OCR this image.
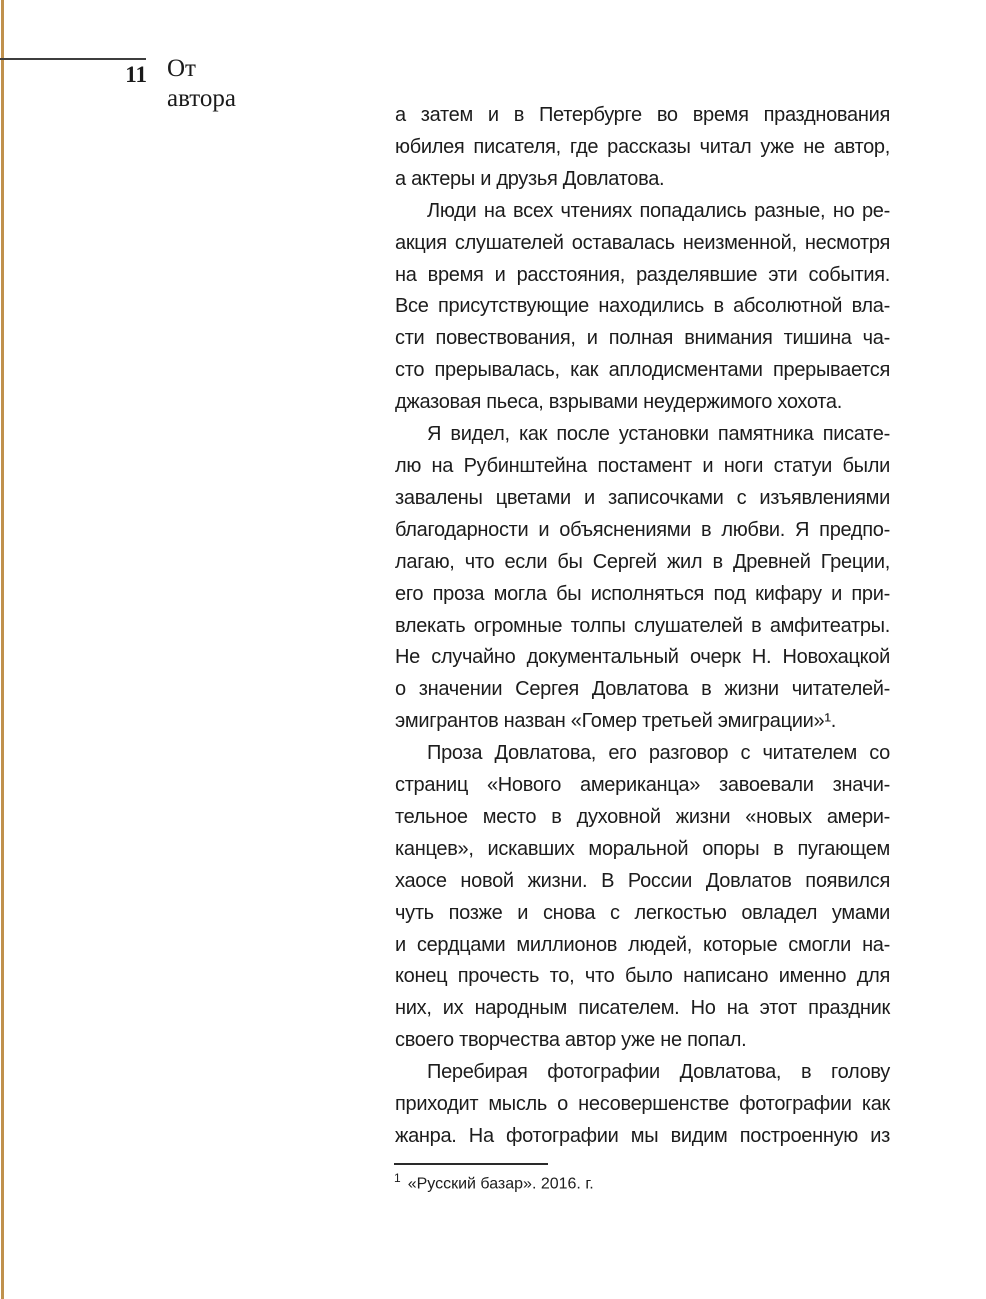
11 От
автора
а затем и в Петербурге во время празднования
юбилея писателя, где рассказы читал уже не автор,
а актеры и друзья Довлатова.
Люди на всех чтениях попадались разные, но ре-
акция слушателей оставалась неизменной, несмотря
на время и расстояния, разделявшие эти события.
Все присутствующие находились в абсолютной вла-
сти повествования, и полная внимания тишина ча-
сто прерывалась, как аплодисментами прерывается
джазовая пьеса, взрывами неудержимого хохота.
Я видел, как после установки памятника писате-
лю на Рубинштейна постамент и ноги статуи были
завалены цветами и записочками с изъявлениями
благодарности и объяснениями в любви. Я предпо-
лагаю, что если бы Сергей жил в Древней Греции,
его проза могла бы исполняться под кифару и при-
влекать огромные толпы слушателей в амфитеатры.
Не случайно документальный очерк Н. Новохацкой
о значении Сергея Довлатова в жизни читателей-
эмигрантов назван «Гомер третьей эмиграции»¹.
Проза Довлатова, его разговор с читателем со
страниц «Нового американца» завоевали значи-
тельное место в духовной жизни «новых амери-
канцев», искавших моральной опоры в пугающем
хаосе новой жизни. В России Довлатов появился
чуть позже и снова с легкостью овладел умами
и сердцами миллионов людей, которые смогли на-
конец прочесть то, что было написано именно для
них, их народным писателем. Но на этот праздник
своего творчества автор уже не попал.
Перебирая фотографии Довлатова, в голову
приходит мысль о несовершенстве фотографии как
жанра. На фотографии мы видим построенную из
$^1$ «Русский базар». 2016. г.
